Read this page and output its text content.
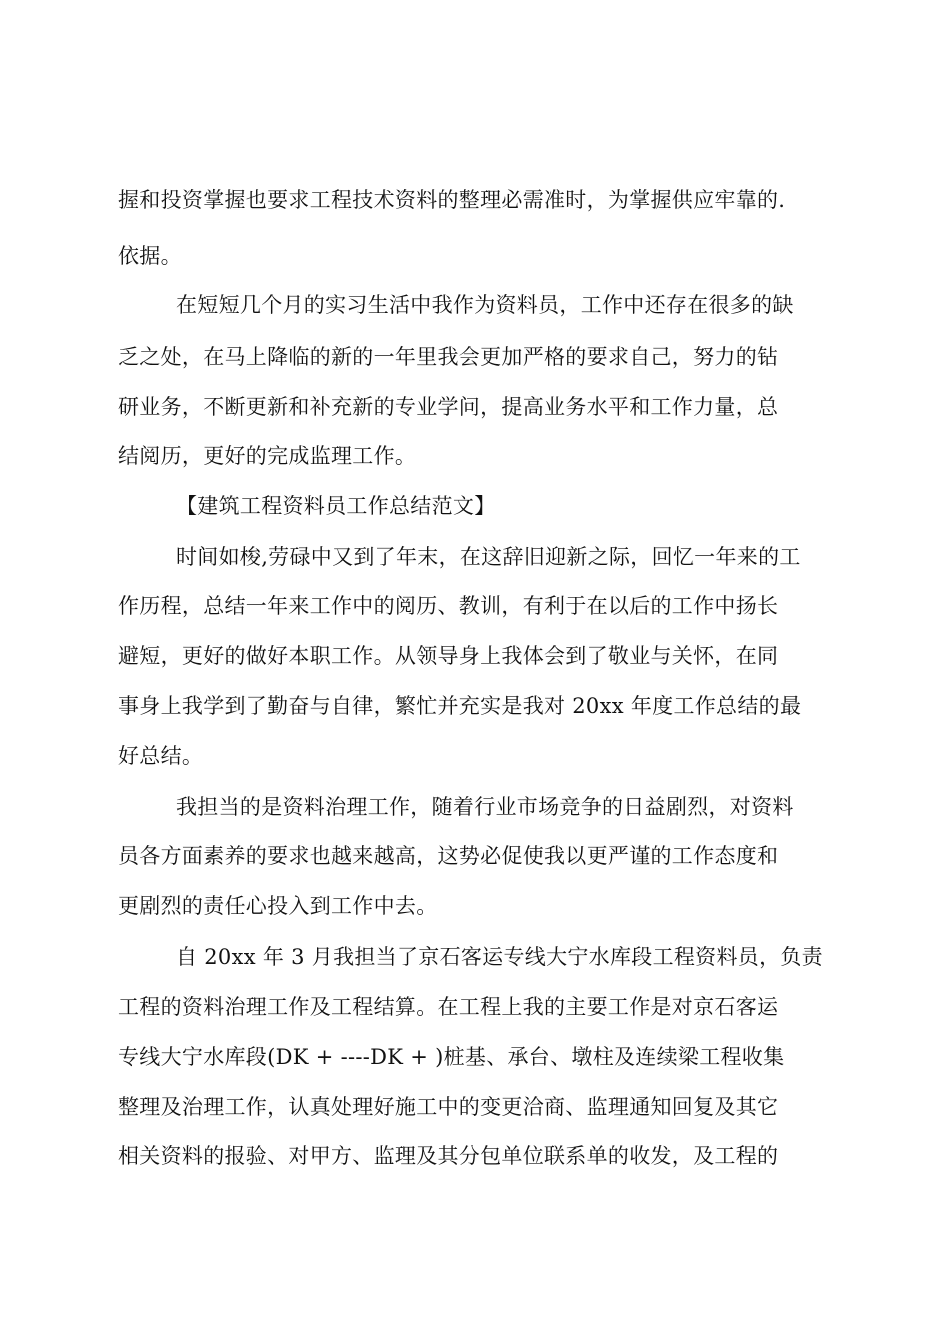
握和投资掌握也要求工程技术资料的整理必需准时，为掌握供应牢靠的.
依据。
在短短几个月的实习生活中我作为资料员，工作中还存在很多的缺
乏之处，在马上降临的新的一年里我会更加严格的要求自己，努力的钻
研业务，不断更新和补充新的专业学问，提高业务水平和工作力量，总
结阅历，更好的完成监理工作。
【建筑工程资料员工作总结范文】
时间如梭,劳碌中又到了年末，在这辞旧迎新之际，回忆一年来的工
作历程，总结一年来工作中的阅历、教训，有利于在以后的工作中扬长
避短，更好的做好本职工作。从领导身上我体会到了敬业与关怀，在同
事身上我学到了勤奋与自律，繁忙并充实是我对 20xx 年度工作总结的最
好总结。
我担当的是资料治理工作，随着行业市场竞争的日益剧烈，对资料
员各方面素养的要求也越来越高，这势必促使我以更严谨的工作态度和
更剧烈的责任心投入到工作中去。
自 20xx 年 3 月我担当了京石客运专线大宁水库段工程资料员，负责
工程的资料治理工作及工程结算。在工程上我的主要工作是对京石客运
专线大宁水库段(DK + ----DK + )桩基、承台、墩柱及连续梁工程收集
整理及治理工作，认真处理好施工中的变更洽商、监理通知回复及其它
相关资料的报验、对甲方、监理及其分包单位联系单的收发，及工程的
